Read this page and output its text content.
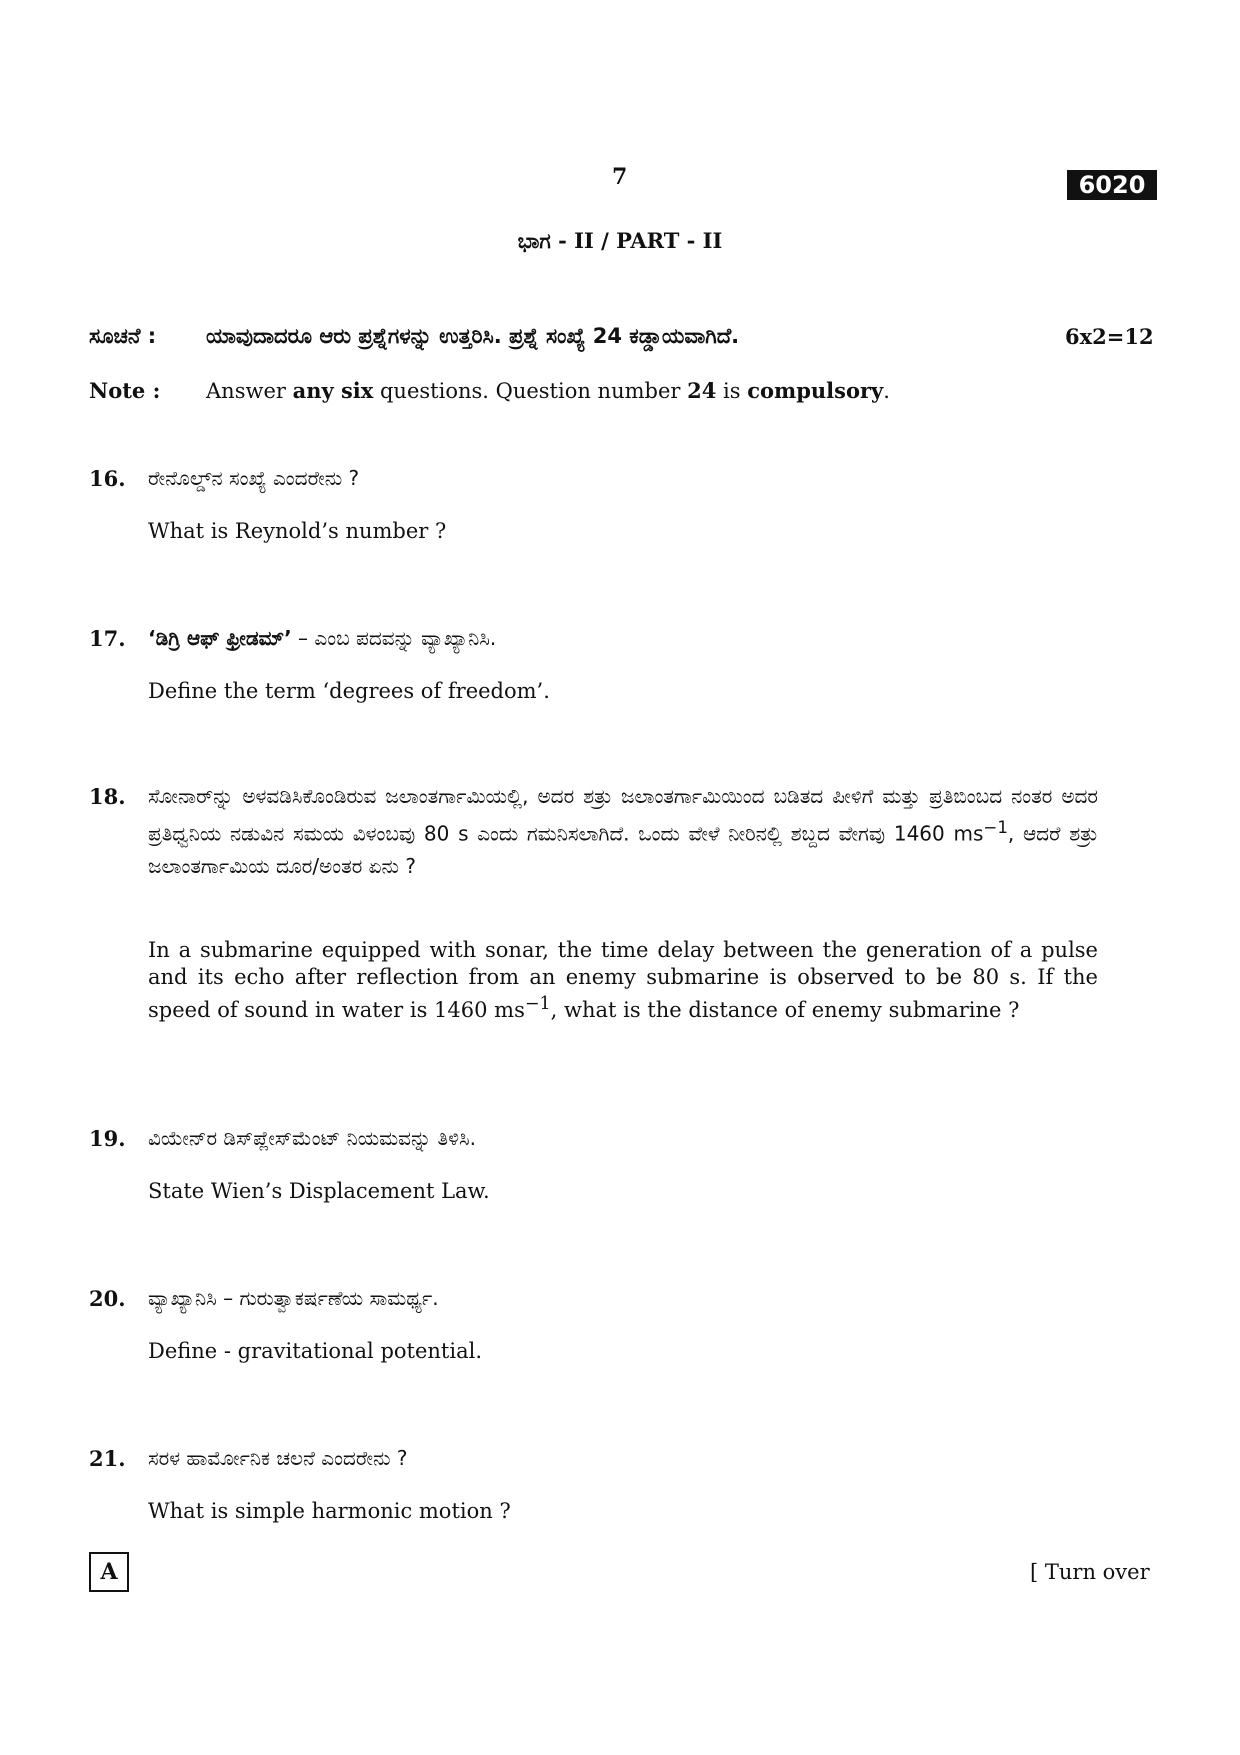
7	6020
ಭಾಗ - II / PART - II
ಸೂಚನೆ : ಯಾವುದಾದರೂ ಆರು ಪ್ರಶ್ನೆಗಳನ್ನು ಉತ್ತರಿಸಿ. ಪ್ರಶ್ನೆ ಸಂಖ್ಯೆ 24 ಕಡ್ಡಾಯವಾಗಿದೆ.	6x2=12
Note : Answer any six questions. Question number 24 is compulsory.
16. ರೇನೊಲ್ಡ್‌ನ ಸಂಖ್ಯೆ ಎಂದರೇನು ?
What is Reynold’s number ?
17. ‘ಡಿಗ್ರಿ ಆಫ್ ಫ್ರೀಡಮ್’ – ಎಂಬ ಪದವನ್ನು ವ್ಯಾಖ್ಯಾನಿಸಿ.
Define the term ‘degrees of freedom’.
18. ಸೋನಾರ್‌ನ್ನು ಅಳವಡಿಸಿಕೊಂಡಿರುವ ಜಲಾಂತರ್ಗಾಮಿಯಲ್ಲಿ, ಅದರ ಶತ್ರು ಜಲಾಂತರ್ಗಾಮಿಯಿಂದ ಬಡಿತದ ಪೀಳಿಗೆ ಮತ್ತು ಪ್ರತಿಬಿಂಬದ ನಂತರ ಅದರ ಪ್ರತಿಧ್ವನಿಯ ನಡುವಿನ ಸಮಯ ವಿಳಂಬವು 80 s ಎಂದು ಗಮನಿಸಲಾಗಿದೆ. ಒಂದು ವೇಳೆ ನೀರಿನಲ್ಲಿ ಶಬ್ದದ ವೇಗವು 1460 $ms^{-1}$, ಆದರೆ ಶತ್ರು ಜಲಾಂತರ್ಗಾಮಿಯ ದೂರ/ಅಂತರ ಏನು ?
In a submarine equipped with sonar, the time delay between the generation of a pulse and its echo after reflection from an enemy submarine is observed to be 80 s. If the speed of sound in water is 1460 $ms^{-1}$, what is the distance of enemy submarine ?
19. ವಿಯೇನ್‌ರ ಡಿಸ್‌ಪ್ಲೇಸ್‌ಮೆಂಟ್ ನಿಯಮವನ್ನು ತಿಳಿಸಿ.
State Wien’s Displacement Law.
20. ವ್ಯಾಖ್ಯಾನಿಸಿ – ಗುರುತ್ವಾಕರ್ಷಣೆಯ ಸಾಮರ್ಥ್ಯ.
Define - gravitational potential.
21. ಸರಳ ಹಾರ್ಮೋನಿಕ ಚಲನೆ ಎಂದರೇನು ?
What is simple harmonic motion ?
A	[ Turn over
